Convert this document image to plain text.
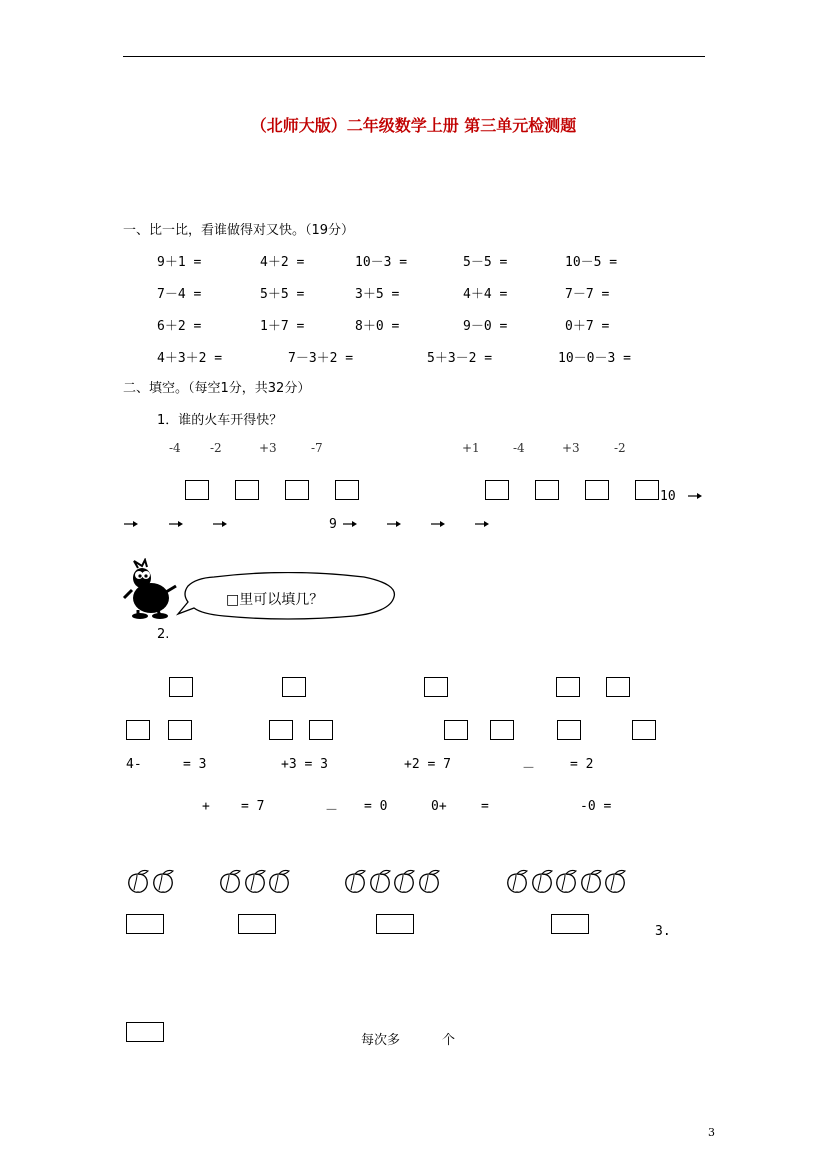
（北师大版）二年级数学上册 第三单元检测题
一、比一比，看谁做得对又快。（19分）
9＋1 =	4＋2 =	10－3 =	5－5 =	10－5 =
7－4 =	5＋5 =	3＋5 =	4＋4 =	7－7 =
6＋2 =	1＋7 =	8＋0 =	9－0 =	0＋7 =
4＋3＋2 =	7－3＋2 =	5＋3－2 =	10－0－3 =
二、填空。（每空1分，共32分）
1．谁的火车开得快？
-4 -2	+3	-7	+1	-4	+3	-2
10
9
□里可以填几？
2.
4-	= 3	+3 = 3	+2 = 7	－	= 2
+ = 7	－ = 0	0+	=	-0 =
3.
每次多	个
3
